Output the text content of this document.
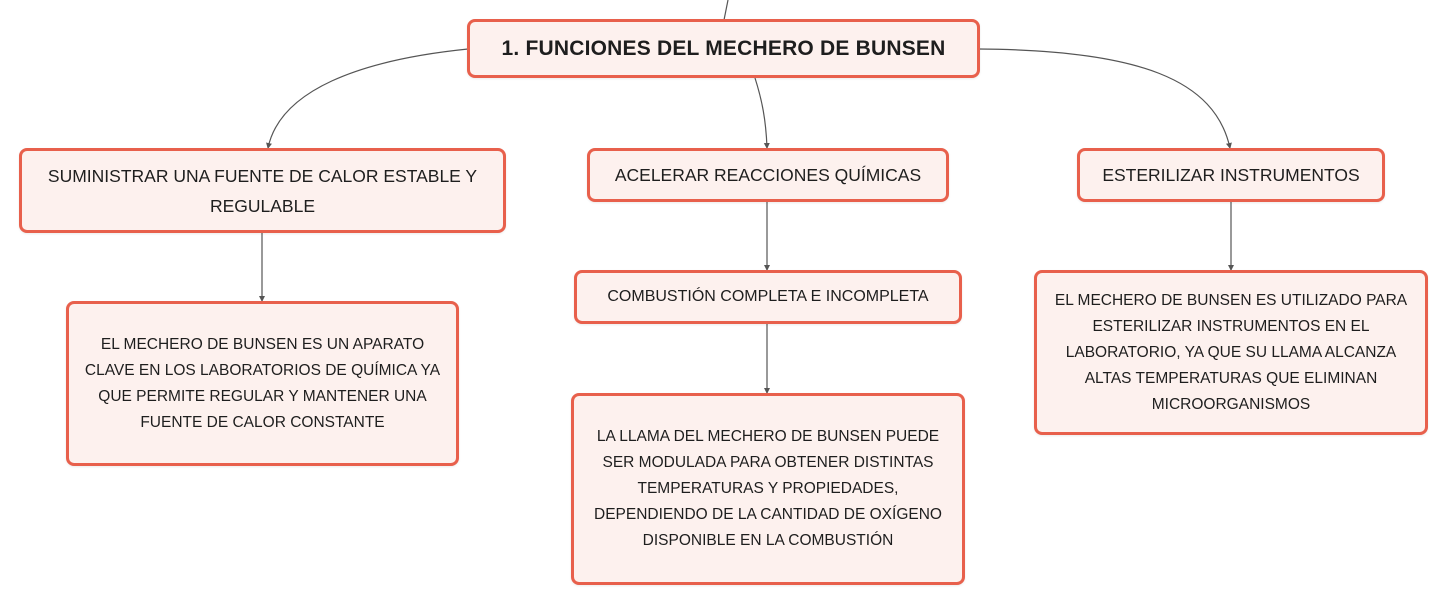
1. FUNCIONES DEL MECHERO DE BUNSEN
SUMINISTRAR UNA FUENTE DE CALOR ESTABLE Y REGULABLE
ACELERAR REACCIONES QUÍMICAS	ESTERILIZAR INSTRUMENTOS
EL MECHERO DE BUNSEN ES UN APARATO CLAVE EN LOS LABORATORIOS DE QUÍMICA YA QUE PERMITE REGULAR Y MANTENER UNA FUENTE DE CALOR CONSTANTE
COMBUSTIÓN COMPLETA E INCOMPLETA
LA LLAMA DEL MECHERO DE BUNSEN PUEDE SER MODULADA PARA OBTENER DISTINTAS TEMPERATURAS Y PROPIEDADES, DEPENDIENDO DE LA CANTIDAD DE OXÍGENO DISPONIBLE EN LA COMBUSTIÓN
EL MECHERO DE BUNSEN ES UTILIZADO PARA ESTERILIZAR INSTRUMENTOS EN EL LABORATORIO, YA QUE SU LLAMA ALCANZA ALTAS TEMPERATURAS QUE ELIMINAN MICROORGANISMOS
